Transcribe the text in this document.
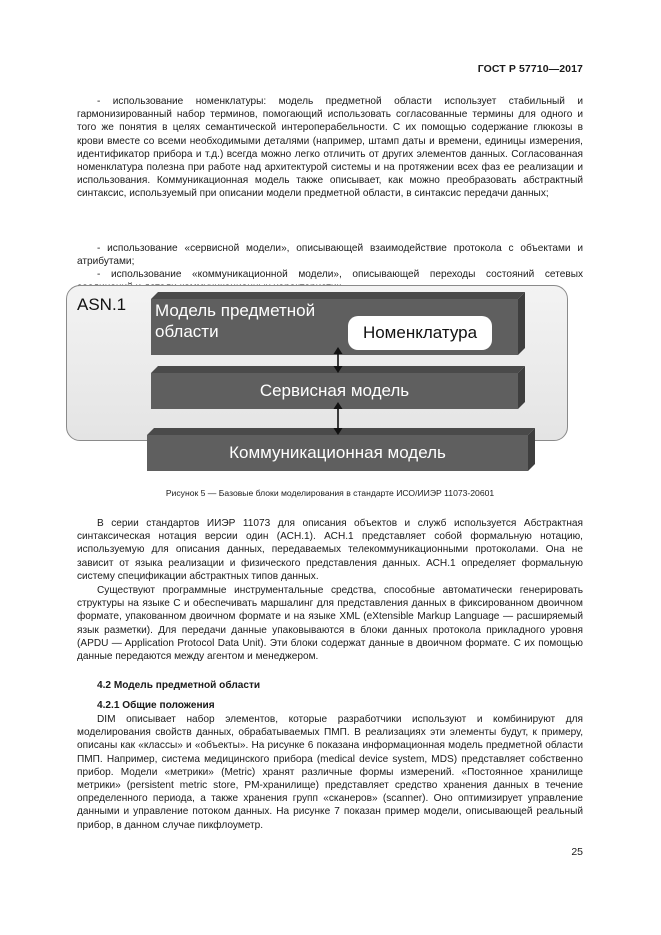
ГОСТ Р 57710—2017

- использование номенклатуры: модель предметной области использует стабильный и гармонизированный набор терминов, помогающий использовать согласованные термины для одного и того же понятия в целях семантической интероперабельности. С их помощью содержание глюкозы в крови вместе со всеми необходимыми деталями (например, штамп даты и времени, единицы измерения, идентификатор прибора и т.д.) всегда можно легко отличить от других элементов данных. Согласованная номенклатура полезна при работе над архитектурой системы и на протяжении всех фаз ее реализации и использования. Коммуникационная модель также описывает, как можно преобразовать абстрактный синтаксис, используемый при описании модели предметной области, в синтаксис передачи данных;

- использование «сервисной модели», описывающей взаимодействие протокола с объектами и атрибутами;

- использование «коммуникационной модели», описывающей переходы состояний сетевых

ASN.1 Модель предметной
области	Номенклатура
Сервисная модель
Коммуникационная модель
Рисунок 5 — Базовые блоки моделирования в стандарте ИСО/ИИЭР 11073-20601

В серии стандартов ИИЭР 11073 для описания объектов и служб используется Абстрактная синтаксическая нотация версии один (АСН.1). АСН.1 представляет собой формальную нотацию, используемую для описания данных, передаваемых телекоммуникационными протоколами. Она не зависит от языка реализации и физического представления данных. АСН.1 определяет формальную систему спецификации абстрактных типов данных.

Существуют программные инструментальные средства, способные автоматически генерировать структуры на языке С и обеспечивать маршалинг для представления данных в фиксированном двоичном формате, упакованном двоичном формате и на языке XML (eXtensible Markup Language — расширяемый язык разметки). Для передачи данные упаковываются в блоки данных протокола прикладного уровня (APDU — Application Protocol Data Unit). Эти блоки содержат данные в двоичном формате. С их помощью данные передаются между агентом и менеджером.

4.2 Модель предметной области
4.2.1 Общие положения

DIM описывает набор элементов, которые разработчики используют и комбинируют для моделирования свойств данных, обрабатываемых ПМП. В реализациях эти элементы будут, к примеру, описаны как «классы» и «объекты». На рисунке 6 показана информационная модель предметной области ПМП. Например, система медицинского прибора (medical device system, MDS) представляет собственно прибор. Модели «метрики» (Metric) хранят различные формы измерений. «Постоянное хранилище метрики» (persistent metric store, PM-хранилище) представляет средство хранения данных в течение определенного периода, а также хранения групп «сканеров» (scanner). Оно оптимизирует управление данными и управление потоком данных. На рисунке 7 показан пример модели, описывающей реальный прибор, в данном случае пикфлоуметр.

25
